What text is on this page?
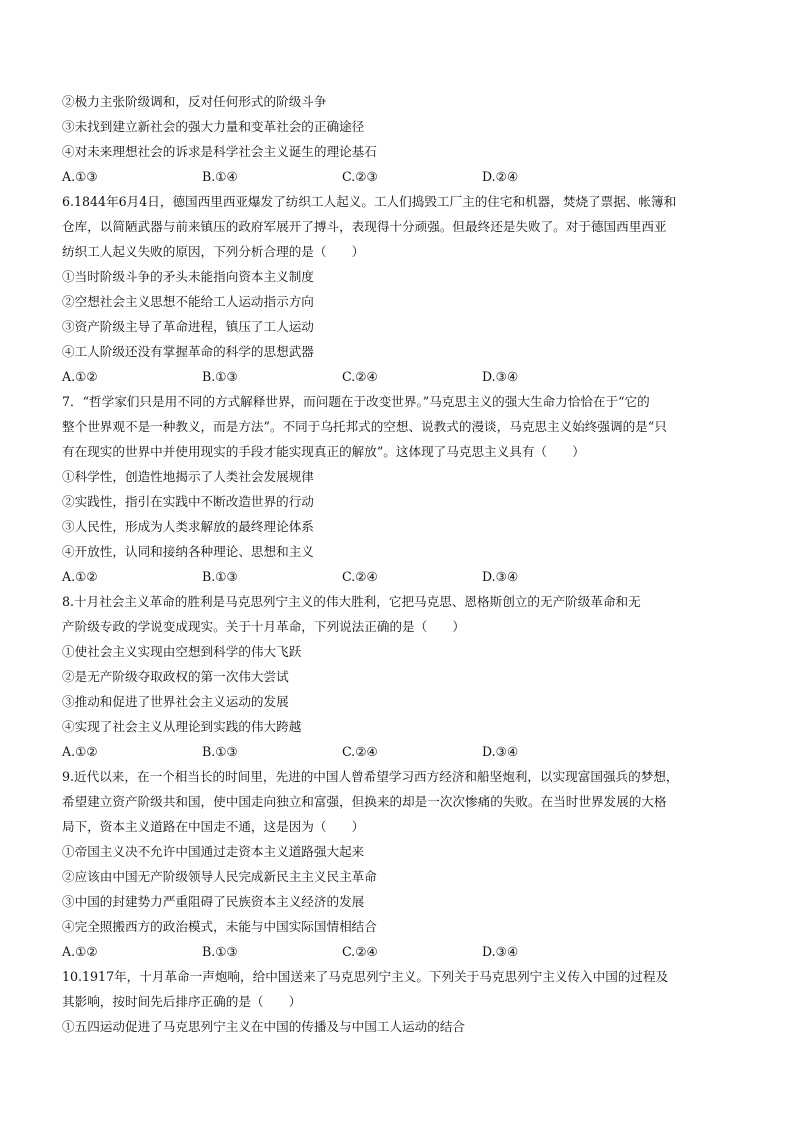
②极力主张阶级调和，反对任何形式的阶级斗争
③未找到建立新社会的强大力量和变革社会的正确途径
④对未来理想社会的诉求是科学社会主义诞生的理论基石
A.①③	B.①④	C.②③	D.②④
6.1844年6月4日，德国西里西亚爆发了纺织工人起义。工人们捣毁工厂主的住宅和机器，焚烧了票据、帐簿和
仓库，以简陋武器与前来镇压的政府军展开了搏斗，表现得十分顽强。但最终还是失败了。对于德国西里西亚
纺织工人起义失败的原因，下列分析合理的是（　　）
①当时阶级斗争的矛头未能指向资本主义制度
②空想社会主义思想不能给工人运动指示方向
③资产阶级主导了革命进程，镇压了工人运动
④工人阶级还没有掌握革命的科学的思想武器
A.①②	B.①③	C.②④	D.③④
7．“哲学家们只是用不同的方式解释世界，而问题在于改变世界。”马克思主义的强大生命力恰恰在于“它的
整个世界观不是一种教义，而是方法”。不同于乌托邦式的空想、说教式的漫谈，马克思主义始终强调的是“只
有在现实的世界中并使用现实的手段才能实现真正的解放”。这体现了马克思主义具有（　　）
①科学性，创造性地揭示了人类社会发展规律
②实践性，指引在实践中不断改造世界的行动
③人民性，形成为人类求解放的最终理论体系
④开放性，认同和接纳各种理论、思想和主义
A.①②	B.①③	C.②④	D.③④
8.十月社会主义革命的胜利是马克思列宁主义的伟大胜利，它把马克思、恩格斯创立的无产阶级革命和无
产阶级专政的学说变成现实。关于十月革命，下列说法正确的是（　　）
①使社会主义实现由空想到科学的伟大飞跃
②是无产阶级夺取政权的第一次伟大尝试
③推动和促进了世界社会主义运动的发展
④实现了社会主义从理论到实践的伟大跨越
A.①②	B.①③	C.②④	D.③④
9.近代以来，在一个相当长的时间里，先进的中国人曾希望学习西方经济和船坚炮利，以实现富国强兵的梦想，
希望建立资产阶级共和国，使中国走向独立和富强，但换来的却是一次次惨痛的失败。在当时世界发展的大格
局下，资本主义道路在中国走不通，这是因为（　　）
①帝国主义决不允许中国通过走资本主义道路强大起来
②应该由中国无产阶级领导人民完成新民主主义民主革命
③中国的封建势力严重阻碍了民族资本主义经济的发展
④完全照搬西方的政治模式，未能与中国实际国情相结合
A.①②	B.①③	C.②④	D.③④
10.1917年，十月革命一声炮响，给中国送来了马克思列宁主义。下列关于马克思列宁主义传入中国的过程及
其影响，按时间先后排序正确的是（　　）
①五四运动促进了马克思列宁主义在中国的传播及与中国工人运动的结合
